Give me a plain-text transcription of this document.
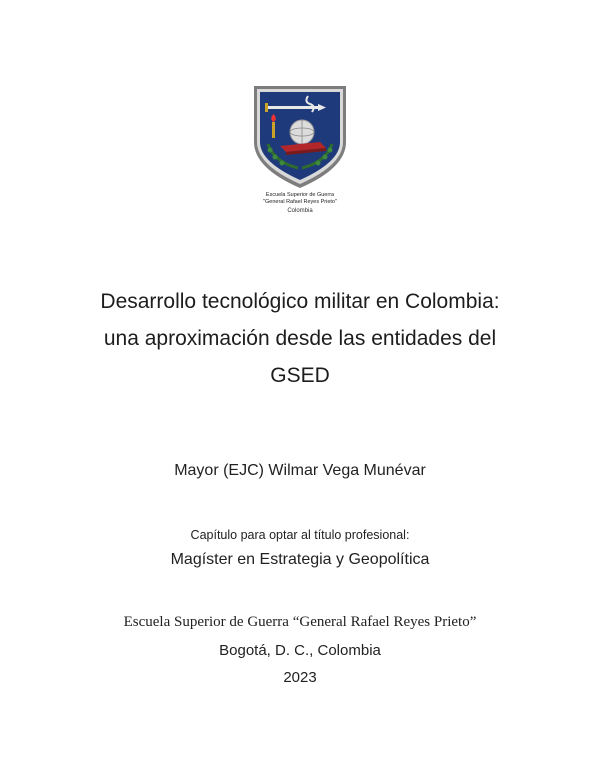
Escuela Superior de Guerra
"General Rafael Reyes Prieto"
Colombia
Desarrollo tecnológico militar en Colombia:
una aproximación desde las entidades del
GSED
Mayor (EJC) Wilmar Vega Munévar
Capítulo para optar al título profesional:
Magíster en Estrategia y Geopolítica
Escuela Superior de Guerra “General Rafael Reyes Prieto”
Bogotá, D. C., Colombia
2023
